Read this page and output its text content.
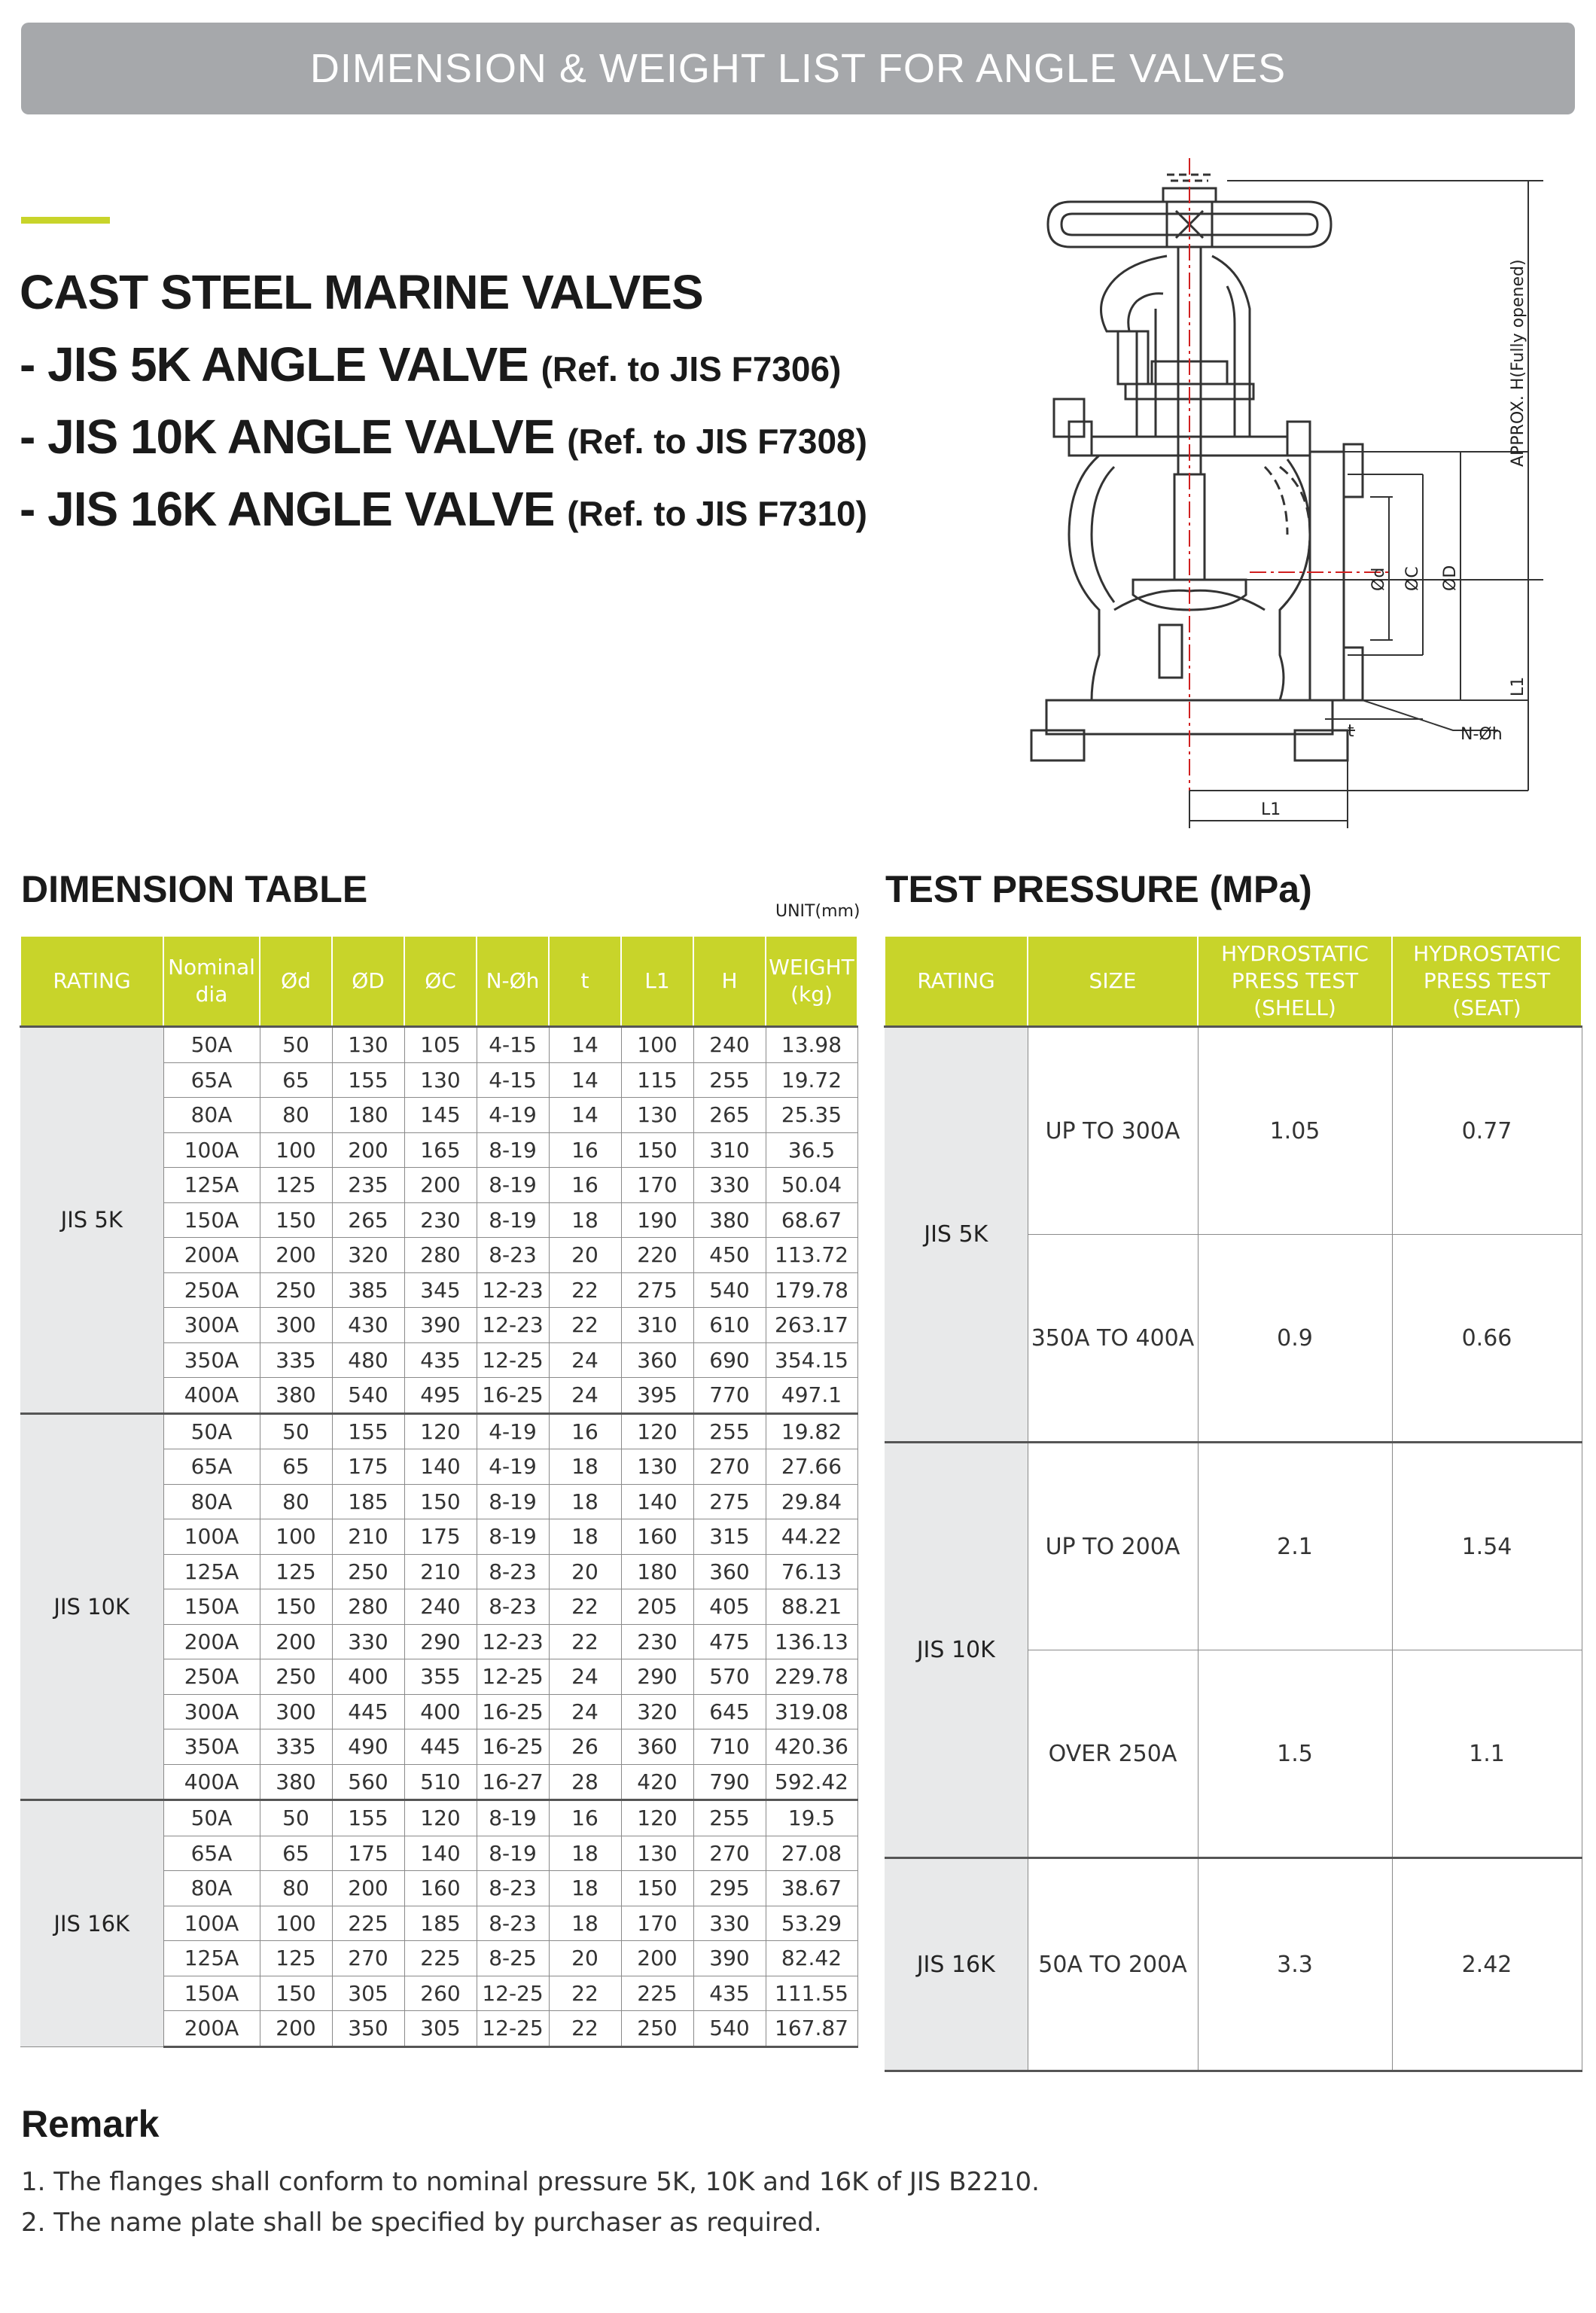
DIMENSION & WEIGHT LIST FOR ANGLE VALVES
CAST STEEL MARINE VALVES
- JIS 5K ANGLE VALVE (Ref. to JIS F7306)
- JIS 10K ANGLE VALVE (Ref. to JIS F7308)
- JIS 16K ANGLE VALVE (Ref. to JIS F7310)
APPROX. H(Fully opened)
Ød ØC ØD
L1
L1
t	N-Øh
DIMENSION TABLE
UNIT(mm)
TEST PRESSURE (MPa)
RATING	Nominal dia	Ød	ØD	ØC	N-Øh	t	L1	H	WEIGHT (kg)
JIS 5K	50A	50	130	105	4-15	14	100	240	13.98
	65A	65	155	130	4-15	14	115	255	19.72
	80A	80	180	145	4-19	14	130	265	25.35
	100A	100	200	165	8-19	16	150	310	36.5
	125A	125	235	200	8-19	16	170	330	50.04
	150A	150	265	230	8-19	18	190	380	68.67
	200A	200	320	280	8-23	20	220	450	113.72
	250A	250	385	345	12-23	22	275	540	179.78
	300A	300	430	390	12-23	22	310	610	263.17
	350A	335	480	435	12-25	24	360	690	354.15
	400A	380	540	495	16-25	24	395	770	497.1
JIS 10K	50A	50	155	120	4-19	16	120	255	19.82
	65A	65	175	140	4-19	18	130	270	27.66
	80A	80	185	150	8-19	18	140	275	29.84
	100A	100	210	175	8-19	18	160	315	44.22
	125A	125	250	210	8-23	20	180	360	76.13
	150A	150	280	240	8-23	22	205	405	88.21
	200A	200	330	290	12-23	22	230	475	136.13
	250A	250	400	355	12-25	24	290	570	229.78
	300A	300	445	400	16-25	24	320	645	319.08
	350A	335	490	445	16-25	26	360	710	420.36
	400A	380	560	510	16-27	28	420	790	592.42
JIS 16K	50A	50	155	120	8-19	16	120	255	19.5
	65A	65	175	140	8-19	18	130	270	27.08
	80A	80	200	160	8-23	18	150	295	38.67
	100A	100	225	185	8-23	18	170	330	53.29
	125A	125	270	225	8-25	20	200	390	82.42
	150A	150	305	260	12-25	22	225	435	111.55
	200A	200	350	305	12-25	22	250	540	167.87
RATING	SIZE	HYDROSTATIC PRESS TEST (SHELL)	HYDROSTATIC PRESS TEST (SEAT)
JIS 5K	UP TO 300A	1.05	0.77
	350A TO 400A	0.9	0.66
JIS 10K	UP TO 200A	2.1	1.54
	OVER 250A	1.5	1.1
JIS 16K	50A TO 200A	3.3	2.42
Remark
1. The flanges shall conform to nominal pressure 5K, 10K and 16K of JIS B2210.
2. The name plate shall be specified by purchaser as required.
